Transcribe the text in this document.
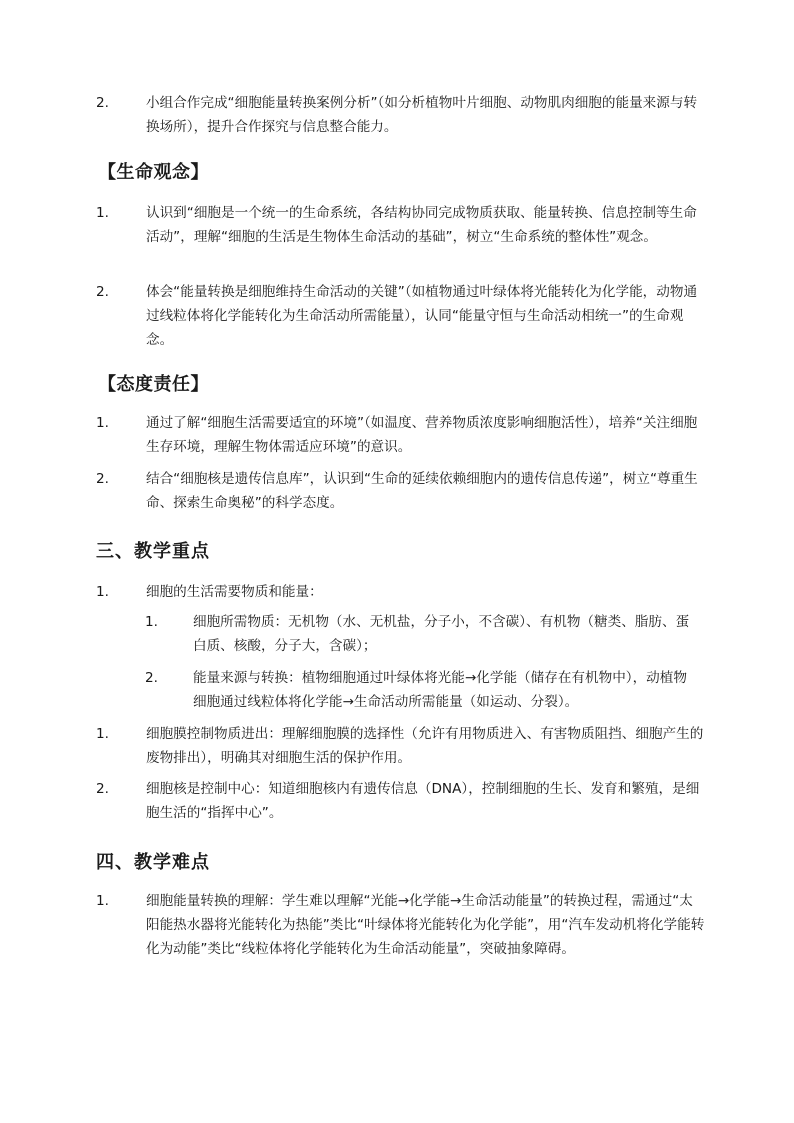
2.	小组合作完成“细胞能量转换案例分析”（如分析植物叶片细胞、动物肌肉细胞的能量来源与转换场所），提升合作探究与信息整合能力。
【生命观念】
1.	认识到“细胞是一个统一的生命系统，各结构协同完成物质获取、能量转换、信息控制等生命活动”，理解“细胞的生活是生物体生命活动的基础”，树立“生命系统的整体性”观念。
2.	体会“能量转换是细胞维持生命活动的关键”（如植物通过叶绿体将光能转化为化学能，动物通过线粒体将化学能转化为生命活动所需能量），认同“能量守恒与生命活动相统一”的生命观念。
【态度责任】
1.	通过了解“细胞生活需要适宜的环境”（如温度、营养物质浓度影响细胞活性），培养“关注细胞生存环境，理解生物体需适应环境”的意识。
2.	结合“细胞核是遗传信息库”，认识到“生命的延续依赖细胞内的遗传信息传递”，树立“尊重生命、探索生命奥秘”的科学态度。
三、教学重点
1.	细胞的生活需要物质和能量：
1.	细胞所需物质：无机物（水、无机盐，分子小，不含碳）、有机物（糖类、脂肪、蛋白质、核酸，分子大，含碳）；
2.	能量来源与转换：植物细胞通过叶绿体将光能→化学能（储存在有机物中），动植物细胞通过线粒体将化学能→生命活动所需能量（如运动、分裂）。
1.	细胞膜控制物质进出：理解细胞膜的选择性（允许有用物质进入、有害物质阻挡、细胞产生的废物排出），明确其对细胞生活的保护作用。
2.	细胞核是控制中心：知道细胞核内有遗传信息（DNA），控制细胞的生长、发育和繁殖，是细胞生活的“指挥中心”。
四、教学难点
1.	细胞能量转换的理解：学生难以理解“光能→化学能→生命活动能量”的转换过程，需通过“太阳能热水器将光能转化为热能”类比“叶绿体将光能转化为化学能”，用“汽车发动机将化学能转化为动能”类比“线粒体将化学能转化为生命活动能量”，突破抽象障碍。
